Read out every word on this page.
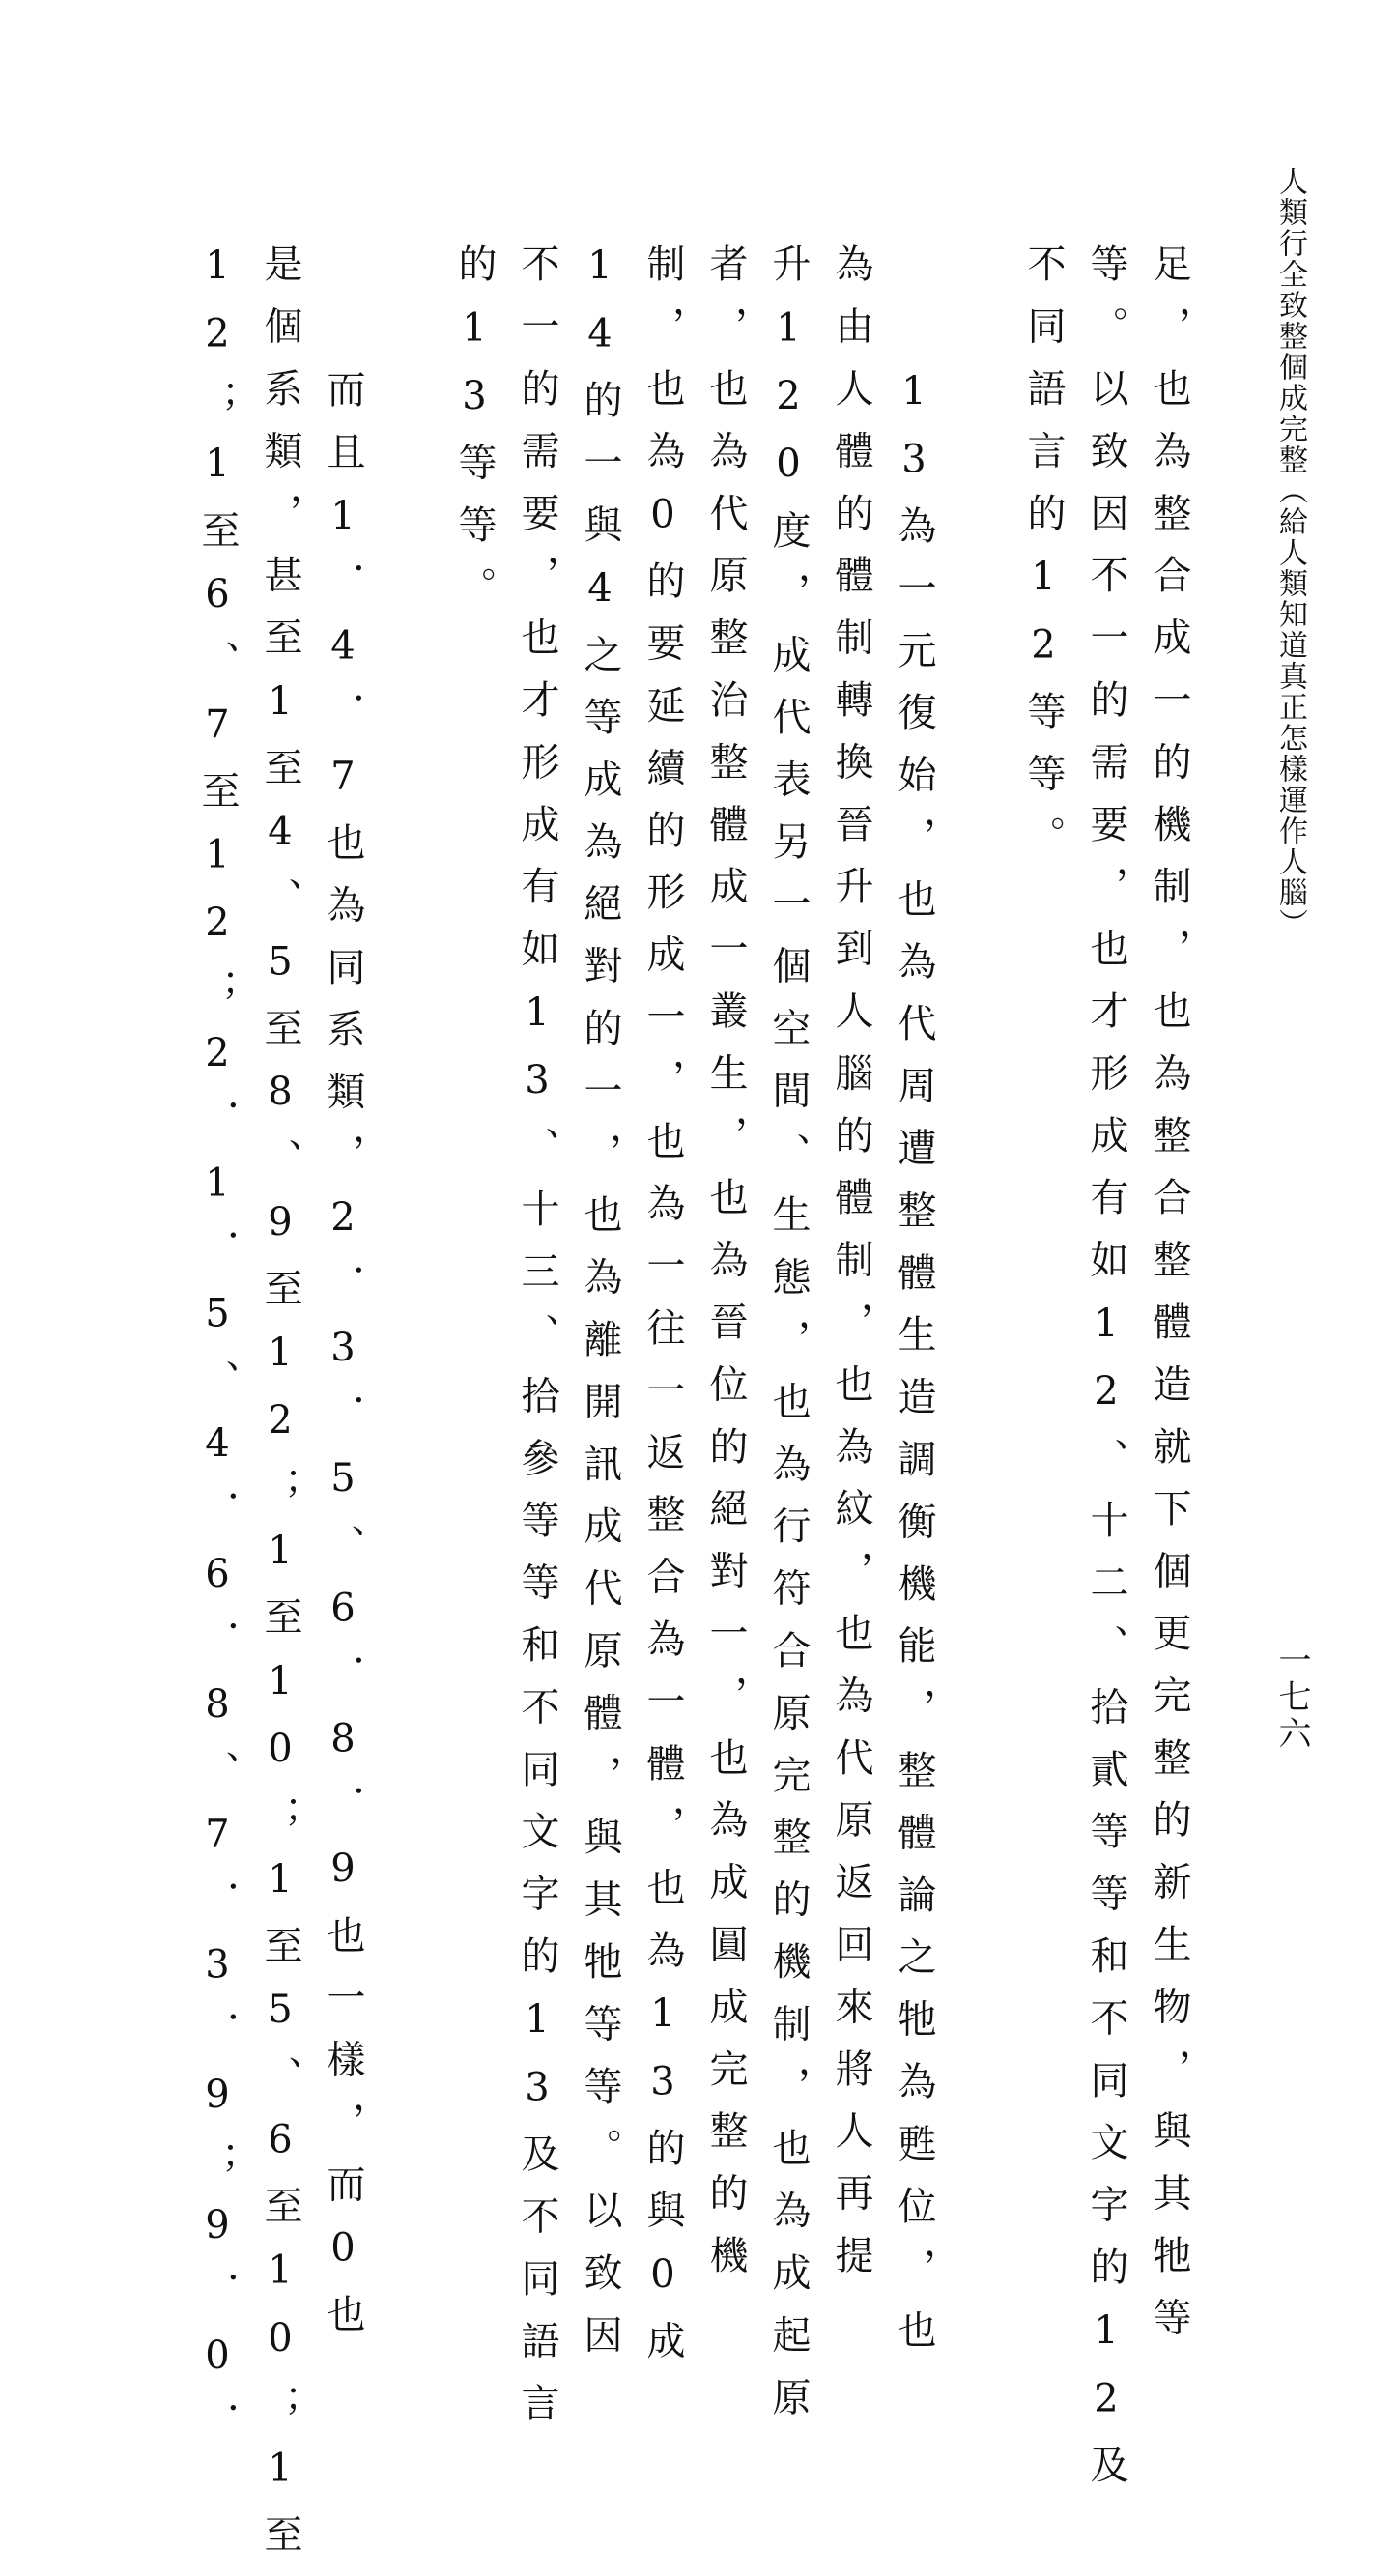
人類行全致整個成完整（給人類知道真正怎樣運作人腦）
一七六
足，也為整合成一的機制，也為整合整體造就下個更完整的新生物，與其牠等
等。以致因不一的需要，也才形成有如12、十二、拾貳等等和不同文字的12及
不同語言的12等等。
13為一元復始，也為代周遭整體生造調衡機能，整體論之牠為甦位，也
為由人體的體制轉換晉升到人腦的體制，也為紋，也為代原返回來將人再提
升120度，成代表另一個空間、生態，也為行符合原完整的機制，也為成起原
者，也為代原整治整體成一叢生，也為晉位的絕對一，也為成圓成完整的機
制，也為0的要延續的形成一，也為一往一返整合為一體，也為13的與0成
14的一與4之等成為絕對的一，也為離開訊成代原體，與其牠等等。以致因
不一的需要，也才形成有如13、十三、拾參等等和不同文字的13及不同語言
的13等等。
而且1．4．7也為同系類，2．3．5、6．8．9也一樣，而0也
是個系類，甚至1至4、5至8、9至12；1至10；1至5、6至10；1至
12；1至6、7至12；2．1．5、4．6．8、7．3．9；9．0．
